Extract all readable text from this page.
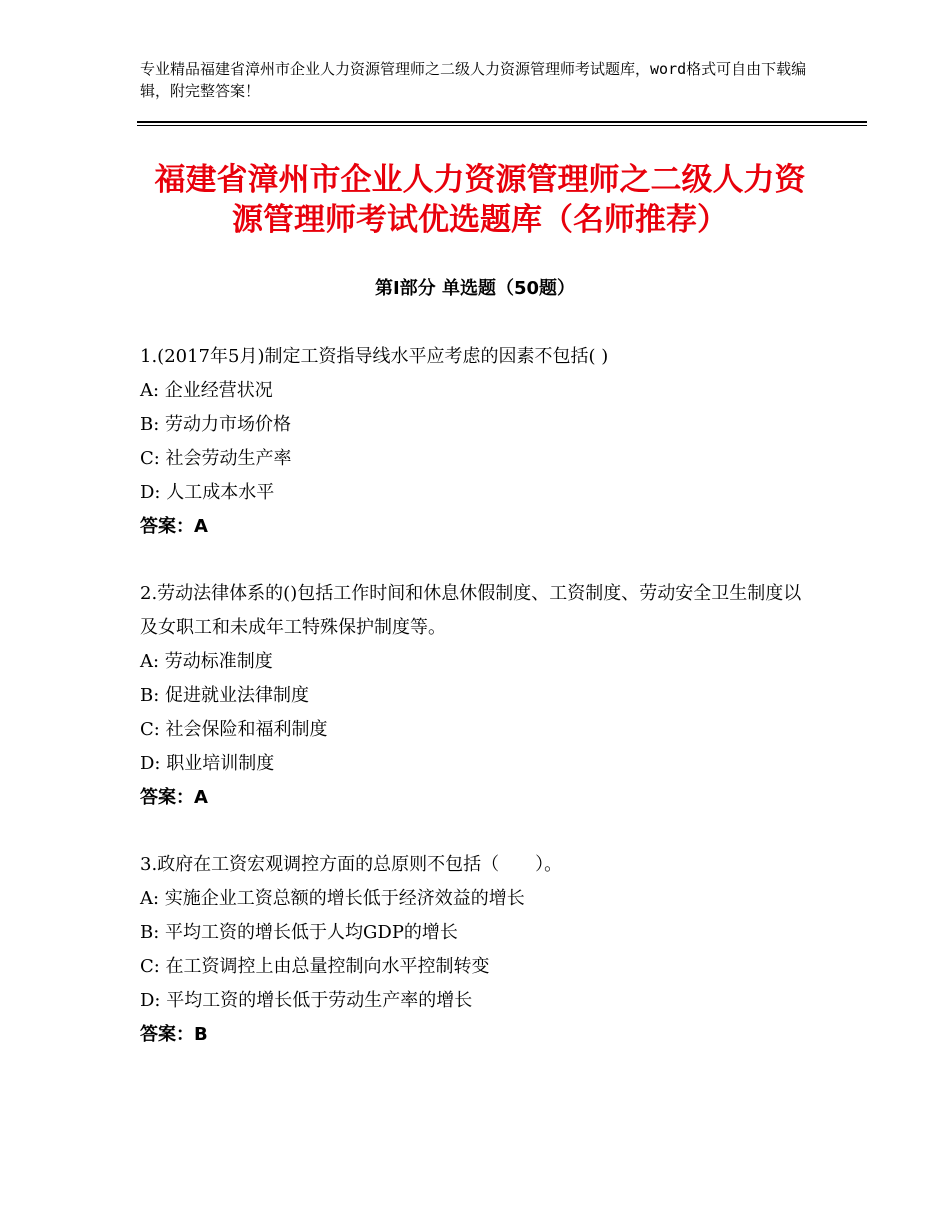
专业精品福建省漳州市企业人力资源管理师之二级人力资源管理师考试题库，word格式可自由下载编辑，附完整答案！
福建省漳州市企业人力资源管理师之二级人力资源管理师考试优选题库（名师推荐）
第Ⅰ部分 单选题（50题）
1.(2017年5月)制定工资指导线水平应考虑的因素不包括( )
A: 企业经营状况
B: 劳动力市场价格
C: 社会劳动生产率
D: 人工成本水平
答案：A
2.劳动法律体系的()包括工作时间和休息休假制度、工资制度、劳动安全卫生制度以及女职工和未成年工特殊保护制度等。
A: 劳动标准制度
B: 促进就业法律制度
C: 社会保险和福利制度
D: 职业培训制度
答案：A
3.政府在工资宏观调控方面的总原则不包括（　　）。
A: 实施企业工资总额的增长低于经济效益的增长
B: 平均工资的增长低于人均GDP的增长
C: 在工资调控上由总量控制向水平控制转变
D: 平均工资的增长低于劳动生产率的增长
答案：B
